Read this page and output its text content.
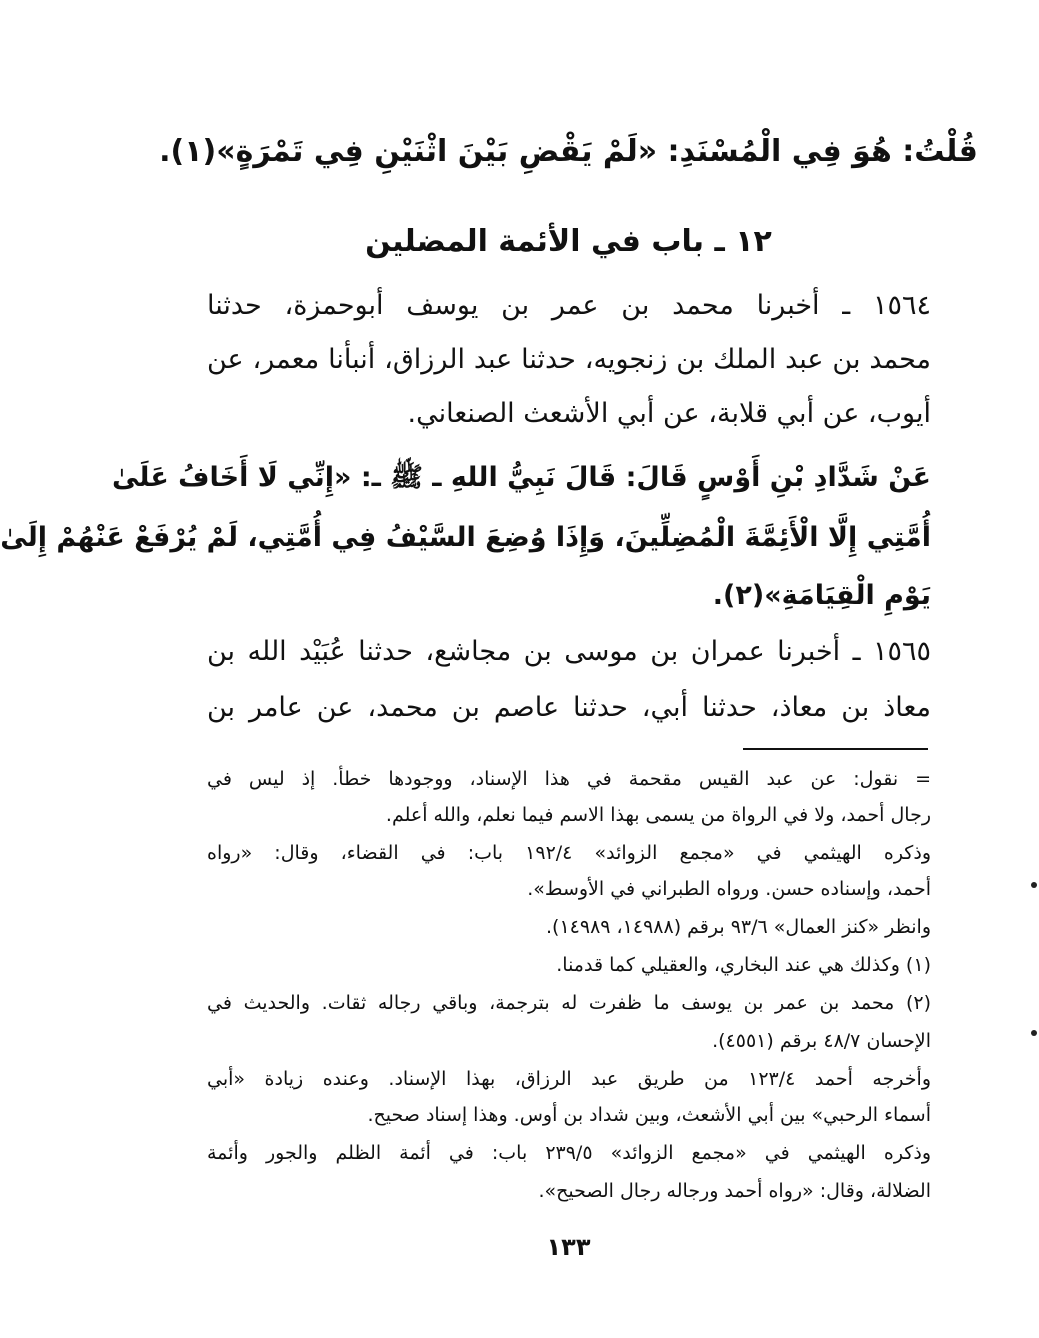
قُلْتُ: هُوَ فِي الْمُسْنَدِ: «لَمْ يَقْضِ بَيْنَ اثْنَيْنِ فِي تَمْرَةٍ»(١).
١٢ ـ باب في الأئمة المضلين
١٥٦٤ ـ أخبرنا محمد بن عمر بن يوسف أبوحمزة، حدثنا
محمد بن عبد الملك بن زنجويه، حدثنا عبد الرزاق، أنبأنا معمر، عن
أيوب، عن أبي قلابة، عن أبي الأشعث الصنعاني.
عَنْ شَدَّادِ بْنِ أَوْسٍ قَالَ: قَالَ نَبِيُّ اللهِ ـ ﷺ ـ: «إِنِّي لَا أَخَافُ عَلَىٰ
أُمَّتِي إِلَّا الْأَئِمَّةَ الْمُضِلِّينَ، وَإِذَا وُضِعَ السَّيْفُ فِي أُمَّتِي، لَمْ يُرْفَعْ عَنْهُمْ إِلَىٰ
يَوْمِ الْقِيَامَةِ»(٢).
١٥٦٥ ـ أخبرنا عمران بن موسى بن مجاشع، حدثنا عُبَيْد الله بن
معاذ بن معاذ، حدثنا أبي، حدثنا عاصم بن محمد، عن عامر بن
= نقول: عن عبد القيس مقحمة في هذا الإسناد، ووجودها خطأ. إذ ليس في
رجال أحمد، ولا في الرواة من يسمى بهذا الاسم فيما نعلم، والله أعلم.
وذكره الهيثمي في «مجمع الزوائد» ١٩٢/٤ باب: في القضاء، وقال: «رواه
أحمد، وإسناده حسن. ورواه الطبراني في الأوسط».
وانظر «كنز العمال» ٩٣/٦ برقم (١٤٩٨٨، ١٤٩٨٩).
(١) وكذلك هي عند البخاري، والعقيلي كما قدمنا.
(٢) محمد بن عمر بن يوسف ما ظفرت له بترجمة، وباقي رجاله ثقات. والحديث في
الإحسان ٤٨/٧ برقم (٤٥٥١).
وأخرجه أحمد ١٢٣/٤ من طريق عبد الرزاق، بهذا الإسناد. وعنده زيادة «أبي
أسماء الرحبي» بين أبي الأشعث، وبين شداد بن أوس. وهذا إسناد صحيح.
وذكره الهيثمي في «مجمع الزوائد» ٢٣٩/٥ باب: في أئمة الظلم والجور وأئمة
الضلالة، وقال: «رواه أحمد ورجاله رجال الصحيح».
١٣٣
